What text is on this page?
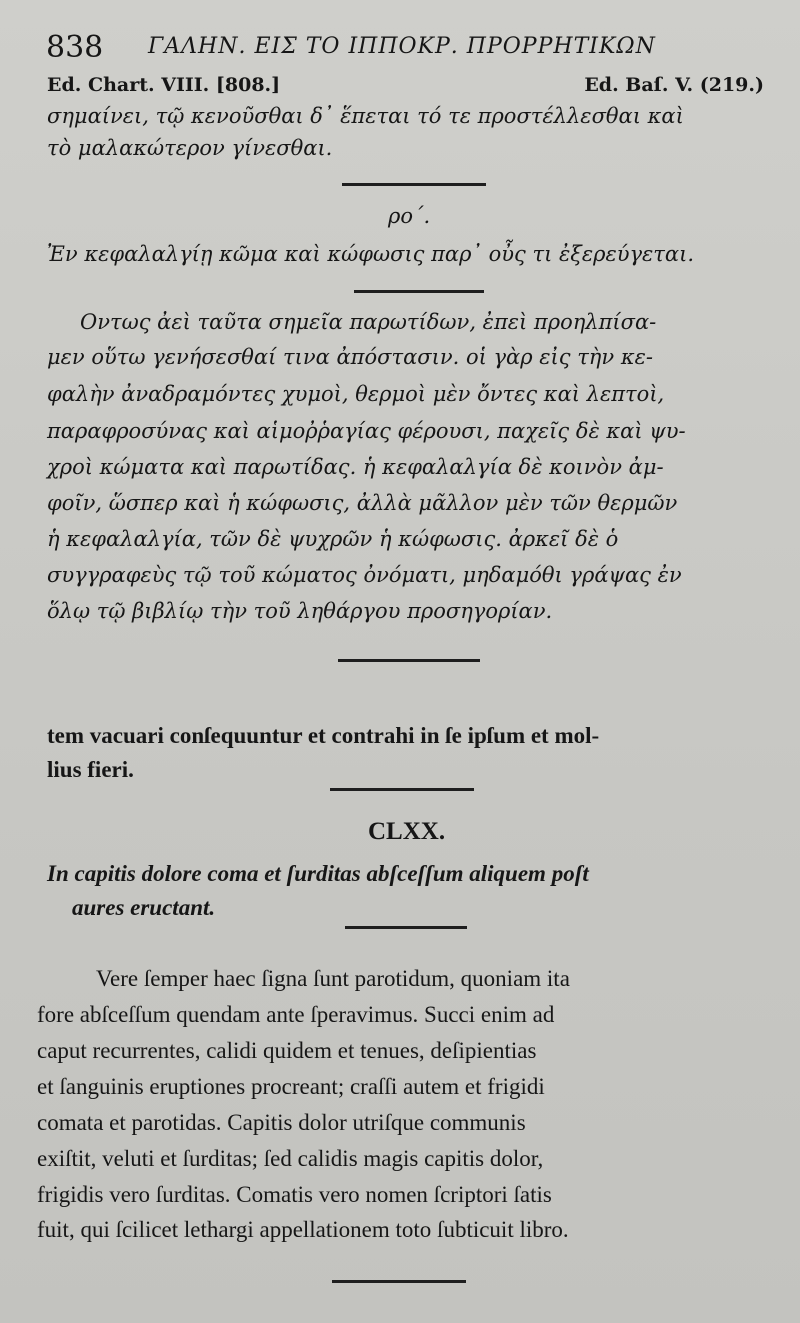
838 ΓΑΛΗΝ. ΕΙΣ ΤΟ ΙΠΠΟΚΡ. ΠΡΟΡΡΗΤΙΚΩΝ
Ed. Chart. VIII. [808.]	Ed. Baſ. V. (219.)
σημαίνει, τῷ κενοῦσθαι δ᾽ ἕπεται τό τε προστέλλεσθαι καὶ
τὸ μαλακώτερον γίνεσθαι.
ρο΄.
Ἐν κεφαλαλγίῃ κῶμα καὶ κώφωσις παρ᾽ οὖς τι ἐξερεύγεται.
Οντως ἀεὶ ταῦτα σημεῖα παρωτίδων, ἐπεὶ προηλπίσα-
μεν οὕτω γενήσεσθαί τινα ἀπόστασιν. οἱ γὰρ εἰς τὴν κε-
φαλὴν ἀναδραμόντες χυμοὶ, θερμοὶ μὲν ὄντες καὶ λεπτοὶ,
παραφροσύνας καὶ αἱμοῤῥαγίας φέρουσι, παχεῖς δὲ καὶ ψυ-
χροὶ κώματα καὶ παρωτίδας. ἡ κεφαλαλγία δὲ κοινὸν ἀμ-
φοῖν, ὥσπερ καὶ ἡ κώφωσις, ἀλλὰ μᾶλλον μὲν τῶν θερμῶν
ἡ κεφαλαλγία, τῶν δὲ ψυχρῶν ἡ κώφωσις. ἀρκεῖ δὲ ὁ
συγγραφεὺς τῷ τοῦ κώματος ὀνόματι, μηδαμόθι γράψας ἐν
ὅλῳ τῷ βιβλίῳ τὴν τοῦ ληθάργου προσηγορίαν.
tem vacuari conſequuntur et contrahi in ſe ipſum et mol-
lius fieri.
CLXX.
In capitis dolore coma et ſurditas abſceſſum aliquem poſt
aures eructant.
Vere ſemper haec ſigna ſunt parotidum, quoniam ita
fore abſceſſum quendam ante ſperavimus. Succi enim ad
caput recurrentes, calidi quidem et tenues, deſipientias
et ſanguinis eruptiones procreant; craſſi autem et frigidi
comata et parotidas. Capitis dolor utriſque communis
exiſtit, veluti et ſurditas; ſed calidis magis capitis dolor,
frigidis vero ſurditas. Comatis vero nomen ſcriptori ſatis
fuit, qui ſcilicet lethargi appellationem toto ſubticuit libro.
